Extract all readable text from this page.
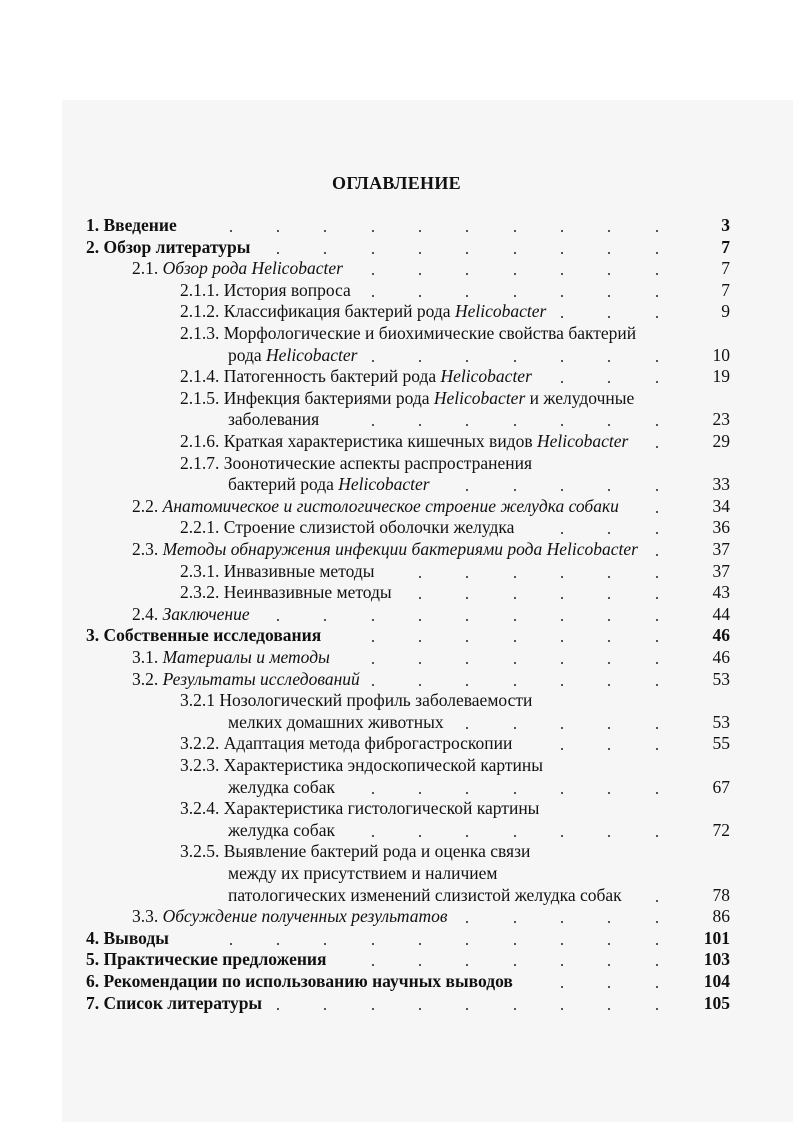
ОГЛАВЛЕНИЕ
1. Введение	3
2. Обзор литературы	7
2.1. Обзор рода Helicobacter	7
2.1.1. История вопроса	7
2.1.2. Классификация бактерий рода Helicobacter	9
2.1.3. Морфологические и биохимические свойства бактерий
рода Helicobacter	10
2.1.4. Патогенность бактерий рода Helicobacter	19
2.1.5. Инфекция бактериями рода Helicobacter и желудочные
заболевания	23
2.1.6. Краткая характеристика кишечных видов Helicobacter	29
2.1.7. Зоонотические аспекты распространения
бактерий рода Helicobacter	33
2.2. Анатомическое и гистологическое строение желудка собаки	34
2.2.1. Строение слизистой оболочки желудка	36
2.3. Методы обнаружения инфекции бактериями рода Helicobacter	37
2.3.1. Инвазивные методы	37
2.3.2. Неинвазивные методы	43
2.4. Заключение	44
3. Собственные исследования	46
3.1. Материалы и методы	46
3.2. Результаты исследований	53
3.2.1 Нозологический профиль заболеваемости
мелких домашних животных	53
3.2.2. Адаптация метода фиброгастроскопии	55
3.2.3. Характеристика эндоскопической картины
желудка собак	67
3.2.4. Характеристика гистологической картины
желудка собак	72
3.2.5. Выявление бактерий рода и оценка связи
между их присутствием и наличием
патологических изменений слизистой желудка собак	78
3.3. Обсуждение полученных результатов	86
4. Выводы	101
5. Практические предложения	103
6. Рекомендации по использованию научных выводов	104
7. Список литературы	105
